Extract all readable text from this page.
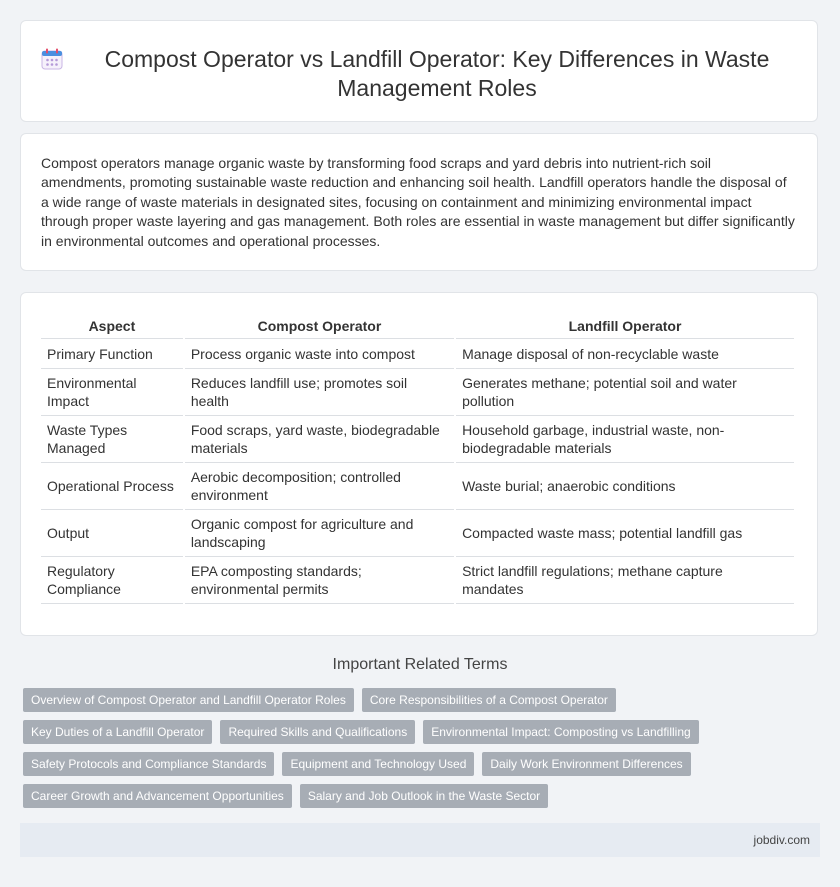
Compost Operator vs Landfill Operator: Key Differences in Waste Management Roles

Compost operators manage organic waste by transforming food scraps and yard debris into nutrient-rich soil amendments, promoting sustainable waste reduction and enhancing soil health. Landfill operators handle the disposal of a wide range of waste materials in designated sites, focusing on containment and minimizing environmental impact through proper waste layering and gas management. Both roles are essential in waste management but differ significantly in environmental outcomes and operational processes.

Aspect	Compost Operator	Landfill Operator
Primary Function	Process organic waste into compost	Manage disposal of non-recyclable waste
Environmental Impact	Reduces landfill use; promotes soil health	Generates methane; potential soil and water pollution
Waste Types Managed	Food scraps, yard waste, biodegradable materials	Household garbage, industrial waste, non-biodegradable materials
Operational Process	Aerobic decomposition; controlled environment	Waste burial; anaerobic conditions
Output	Organic compost for agriculture and landscaping	Compacted waste mass; potential landfill gas
Regulatory Compliance	EPA composting standards; environmental permits	Strict landfill regulations; methane capture mandates
Important Related Terms
Overview of Compost Operator and Landfill Operator Roles	Core Responsibilities of a Compost Operator
Key Duties of a Landfill Operator	Required Skills and Qualifications	Environmental Impact: Composting vs Landfilling
Safety Protocols and Compliance Standards	Equipment and Technology Used	Daily Work Environment Differences
Career Growth and Advancement Opportunities	Salary and Job Outlook in the Waste Sector
jobdiv.com
